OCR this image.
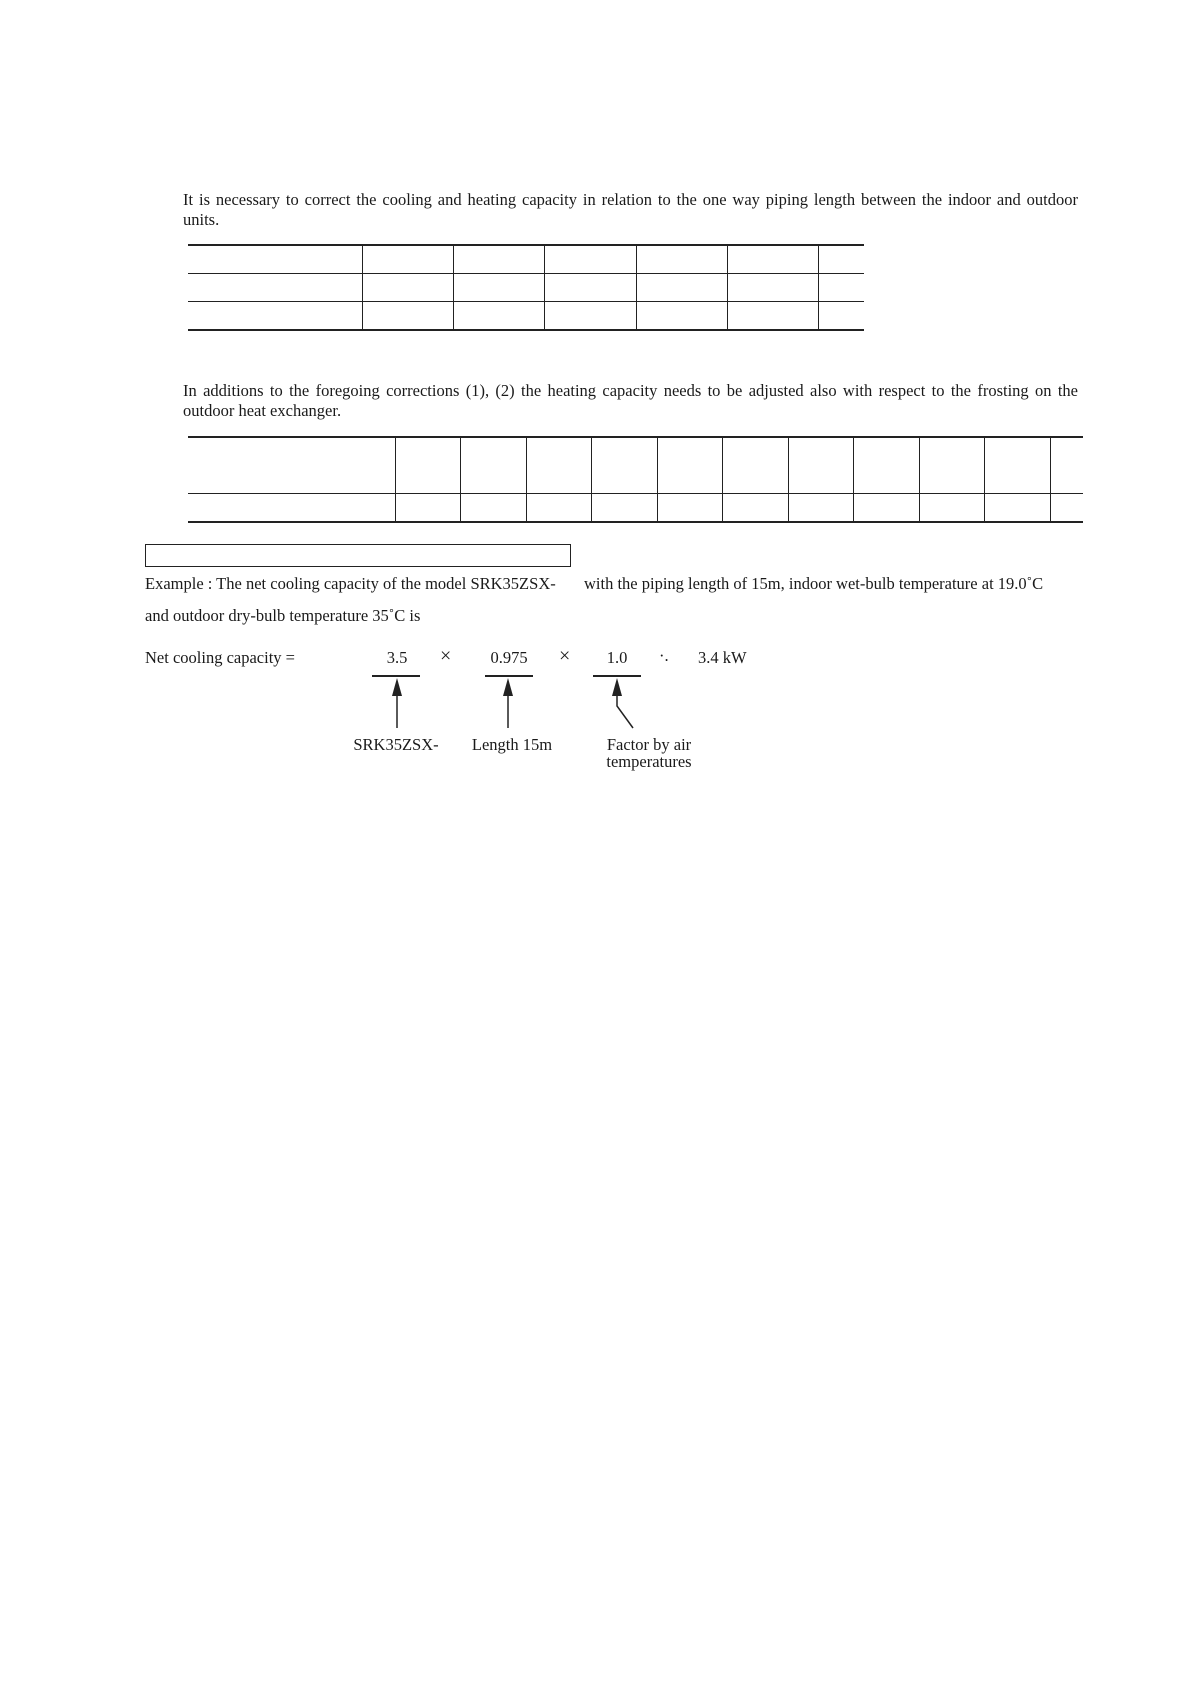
It is necessary to correct the cooling and heating capacity in relation to the one way piping length between the indoor and outdoor units.

In additions to the foregoing corrections (1), (2) the heating capacity needs to be adjusted also with respect to the frosting on the outdoor heat exchanger.

Example : The net cooling capacity of the model SRK35ZSX- with the piping length of 15m, indoor wet-bulb temperature at 19.0˚C
and outdoor dry-bulb temperature 35˚C is
Net cooling capacity =	3.5	×	0.975	×	1.0	·. 3.4 kW
SRK35ZSX-	Length 15m	Factor by air
temperatures
